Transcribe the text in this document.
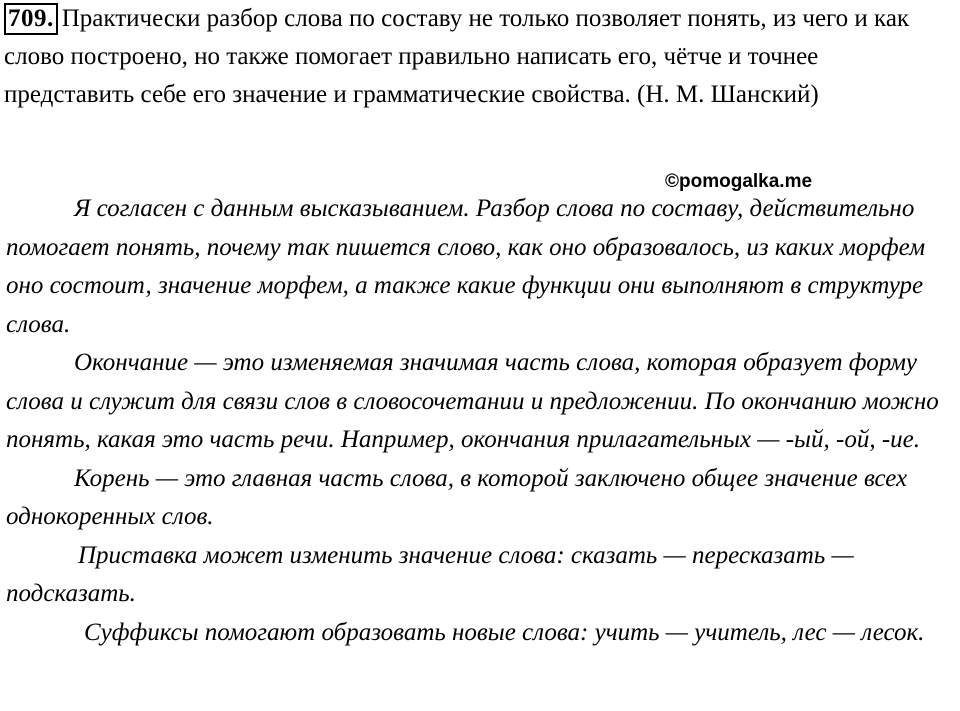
709. Практически разбор слова по составу не только позволяет понять, из чего и как слово построено, но также помогает правильно написать его, чётче и точнее представить себе его значение и грамматические свойства. (Н. М. Шанский)

©pomogalka.me

Я согласен с данным высказыванием. Разбор слова по составу, действительно помогает понять, почему так пишется слово, как оно образовалось, из каких морфем оно состоит, значение морфем, а также какие функции они выполняют в структуре слова.

Окончание — это изменяемая значимая часть слова, которая образует форму слова и служит для связи слов в словосочетании и предложении. По окончанию можно понять, какая это часть речи. Например, окончания прилагательных — -ый, -ой, -ие.

Корень — это главная часть слова, в которой заключено общее значение всех однокоренных слов.

Приставка может изменить значение слова: сказать — пересказать — подсказать.

Суффиксы помогают образовать новые слова: учить — учитель, лес — лесок.
